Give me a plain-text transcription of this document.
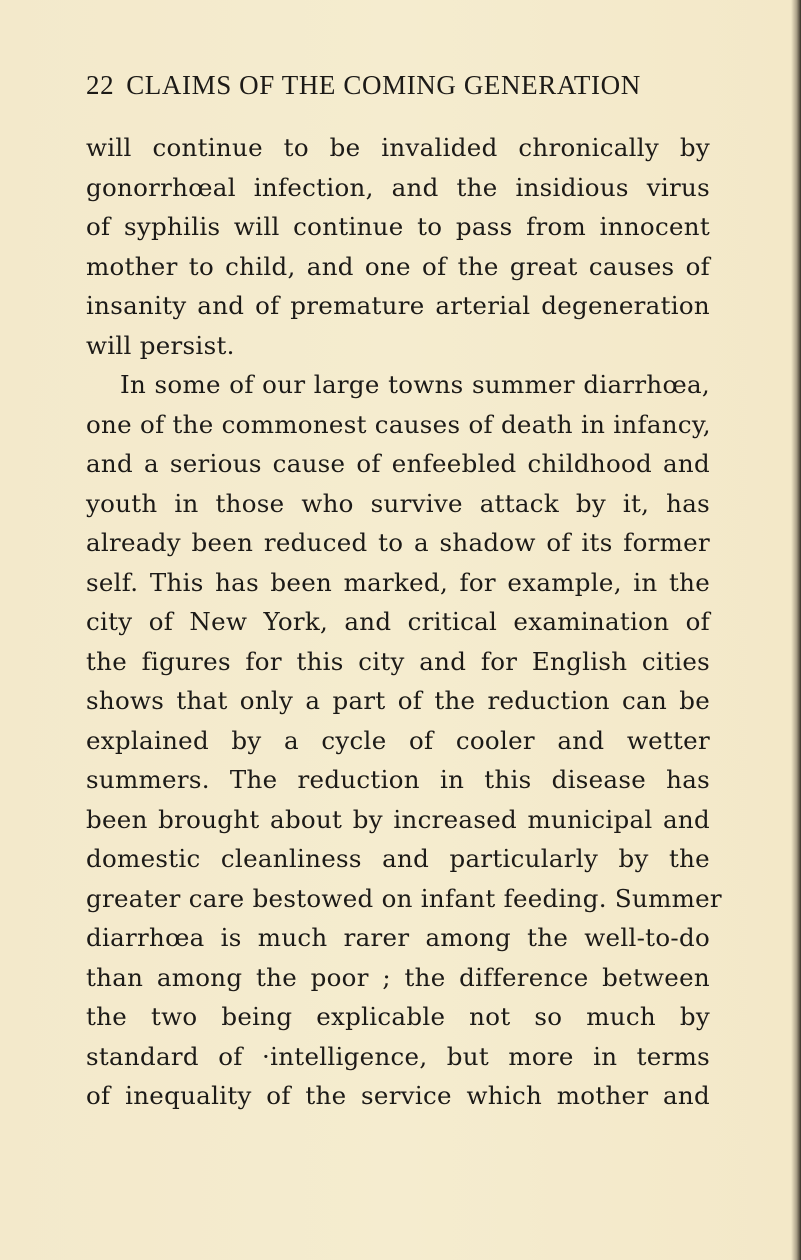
22 CLAIMS OF THE COMING GENERATION
will continue to be invalided chronically by
gonorrhœal infection, and the insidious virus
of syphilis will continue to pass from innocent
mother to child, and one of the great causes of
insanity and of premature arterial degeneration
will persist.
In some of our large towns summer diarrhœa,
one of the commonest causes of death in infancy,
and a serious cause of enfeebled childhood and
youth in those who survive attack by it, has
already been reduced to a shadow of its former
self. This has been marked, for example, in the
city of New York, and critical examination of
the figures for this city and for English cities
shows that only a part of the reduction can be
explained by a cycle of cooler and wetter
summers. The reduction in this disease has
been brought about by increased municipal and
domestic cleanliness and particularly by the
greater care bestowed on infant feeding. Summer
diarrhœa is much rarer among the well-to-do
than among the poor ; the difference between
the two being explicable not so much by
standard of ·intelligence, but more in terms
of inequality of the service which mother and
